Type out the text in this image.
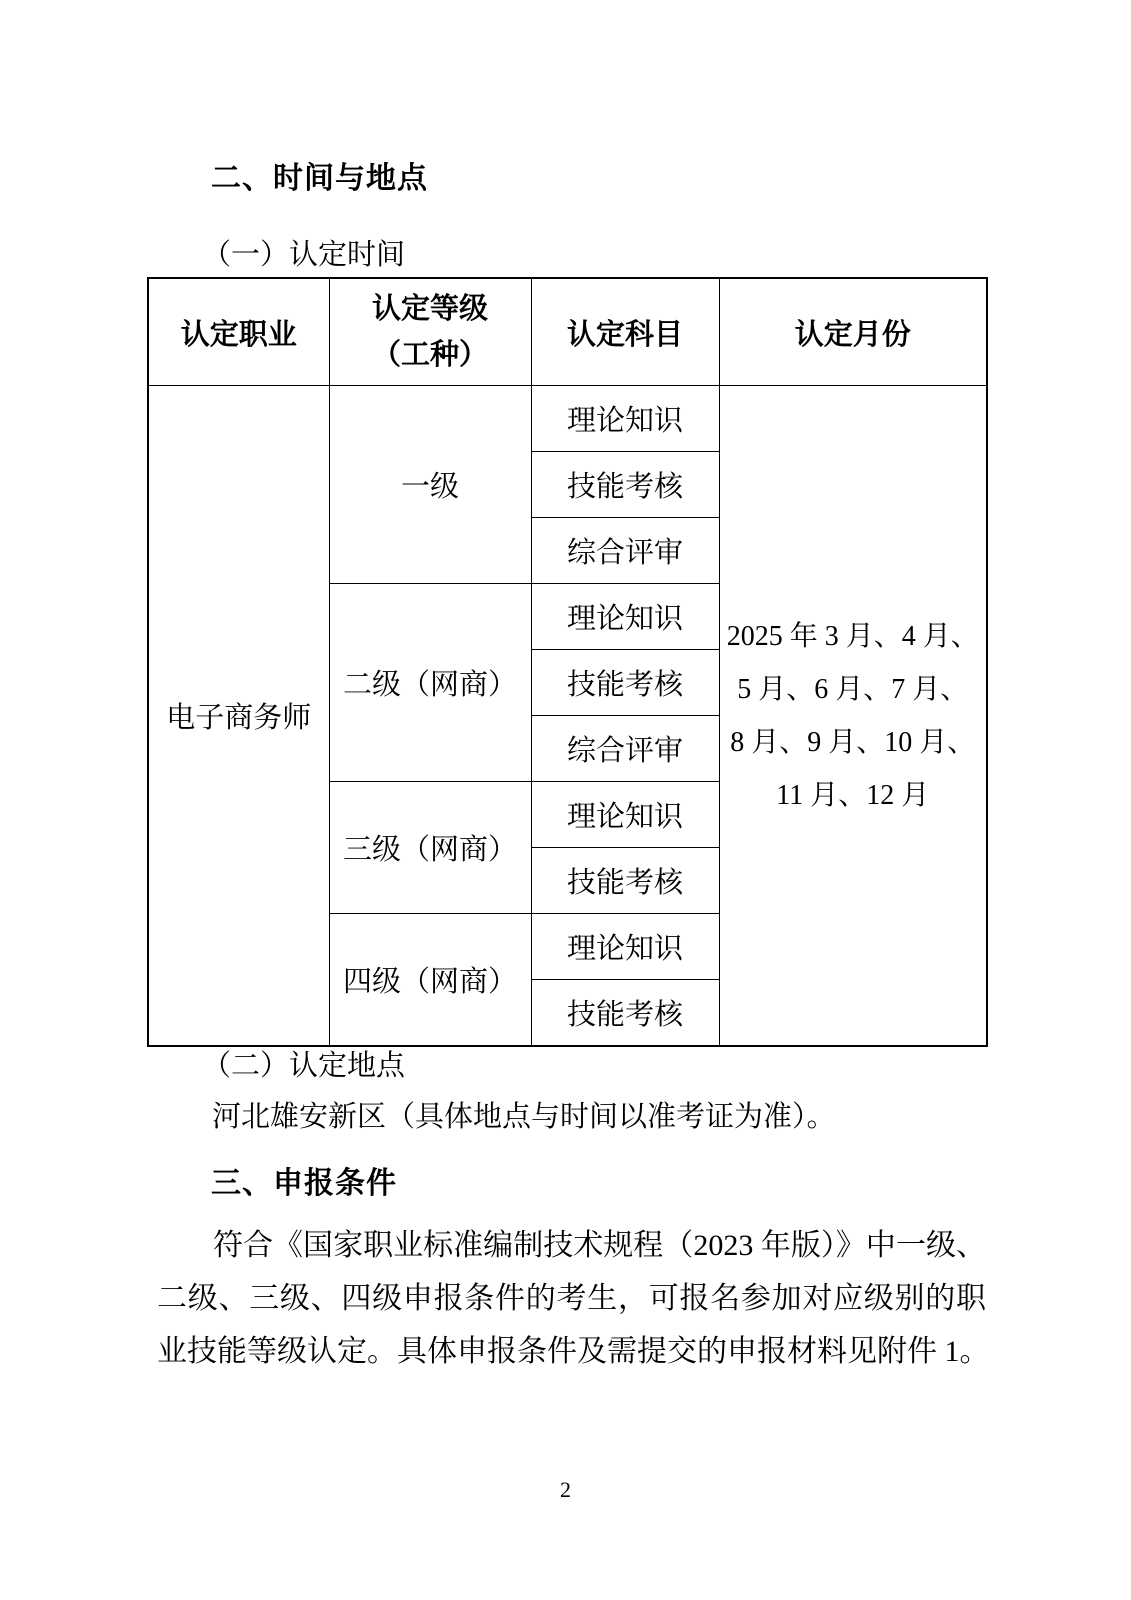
二、时间与地点
（一）认定时间
认定职业	认定等级
（工种）	认定科目	认定月份
电子商务师	一级	理论知识	2025 年 3 月、4 月、
5 月、6 月、7 月、
8 月、9 月、10 月、
11 月、12 月

		技能考核	
		综合评审	
	二级（网商）	理论知识	
		技能考核	
		综合评审	
	三级（网商）	理论知识	
		技能考核	
	四级（网商）	理论知识	
		技能考核	
（二）认定地点
河北雄安新区（具体地点与时间以准考证为准）。
三、申报条件
符合《国家职业标准编制技术规程（2023 年版）》中一级、
二级、三级、四级申报条件的考生，可报名参加对应级别的职
业技能等级认定。具体申报条件及需提交的申报材料见附件 1。
2
